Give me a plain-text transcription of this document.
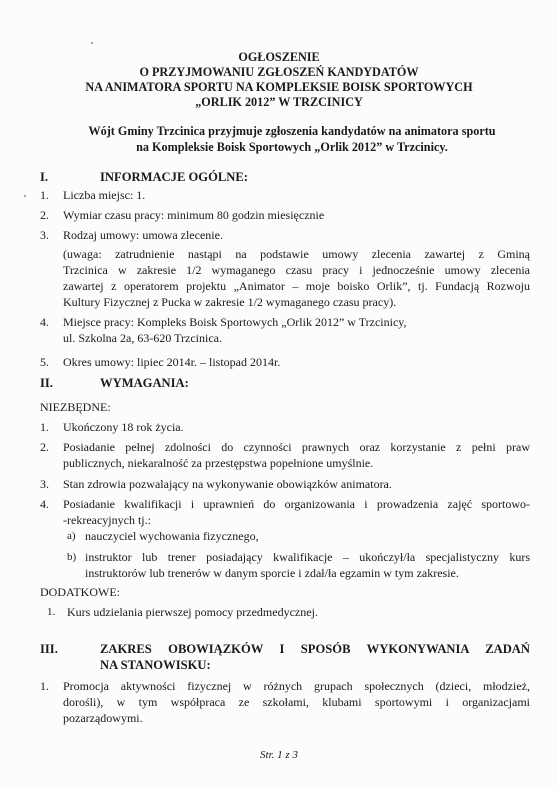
OGŁOSZENIE
O PRZYJMOWANIU ZGŁOSZEŃ KANDYDATÓW
NA ANIMATORA SPORTU NA KOMPLEKSIE BOISK SPORTOWYCH
„ORLIK 2012” W TRZCINICY
Wójt Gminy Trzcinica przyjmuje zgłoszenia kandydatów na animatora sportu
na Kompleksie Boisk Sportowych „Orlik 2012” w Trzcinicy.
I.	INFORMACJE OGÓLNE:
1.	Liczba miejsc: 1.
2.	Wymiar czasu pracy: minimum 80 godzin miesięcznie
3.	Rodzaj umowy: umowa zlecenie.
(uwaga: zatrudnienie nastąpi na podstawie umowy zlecenia zawartej z Gminą
Trzcinica w zakresie 1/2 wymaganego czasu pracy i jednocześnie umowy zlecenia
zawartej z operatorem projektu „Animator – moje boisko Orlik”, tj. Fundacją Rozwoju
Kultury Fizycznej z Pucka w zakresie 1/2 wymaganego czasu pracy).
4.	Miejsce pracy: Kompleks Boisk Sportowych „Orlik 2012” w Trzcinicy,
ul. Szkolna 2a, 63-620 Trzcinica.
5.	Okres umowy: lipiec 2014r. – listopad 2014r.
II.	WYMAGANIA:
NIEZBĘDNE:
1.	Ukończony 18 rok życia.
2.	Posiadanie pełnej zdolności do czynności prawnych oraz korzystanie z pełni praw
publicznych, niekaralność za przestępstwa popełnione umyślnie.
3.	Stan zdrowia pozwalający na wykonywanie obowiązków animatora.
4.	Posiadanie kwalifikacji i uprawnień do organizowania i prowadzenia zajęć sportowo-
-rekreacyjnych tj.:
a) nauczyciel wychowania fizycznego,
b) instruktor lub trener posiadający kwalifikacje – ukończył/ła specjalistyczny kurs
instruktorów lub trenerów w danym sporcie i zdał/ła egzamin w tym zakresie.
DODATKOWE:
1. Kurs udzielania pierwszej pomocy przedmedycznej.
III.	ZAKRES OBOWIĄZKÓW I SPOSÓB WYKONYWANIA ZADAŃ
NA STANOWISKU:
1.	Promocja aktywności fizycznej w różnych grupach społecznych (dzieci, młodzież,
dorośli), w tym współpraca ze szkołami, klubami sportowymi i organizacjami
pozarządowymi.
Str. 1 z 3
